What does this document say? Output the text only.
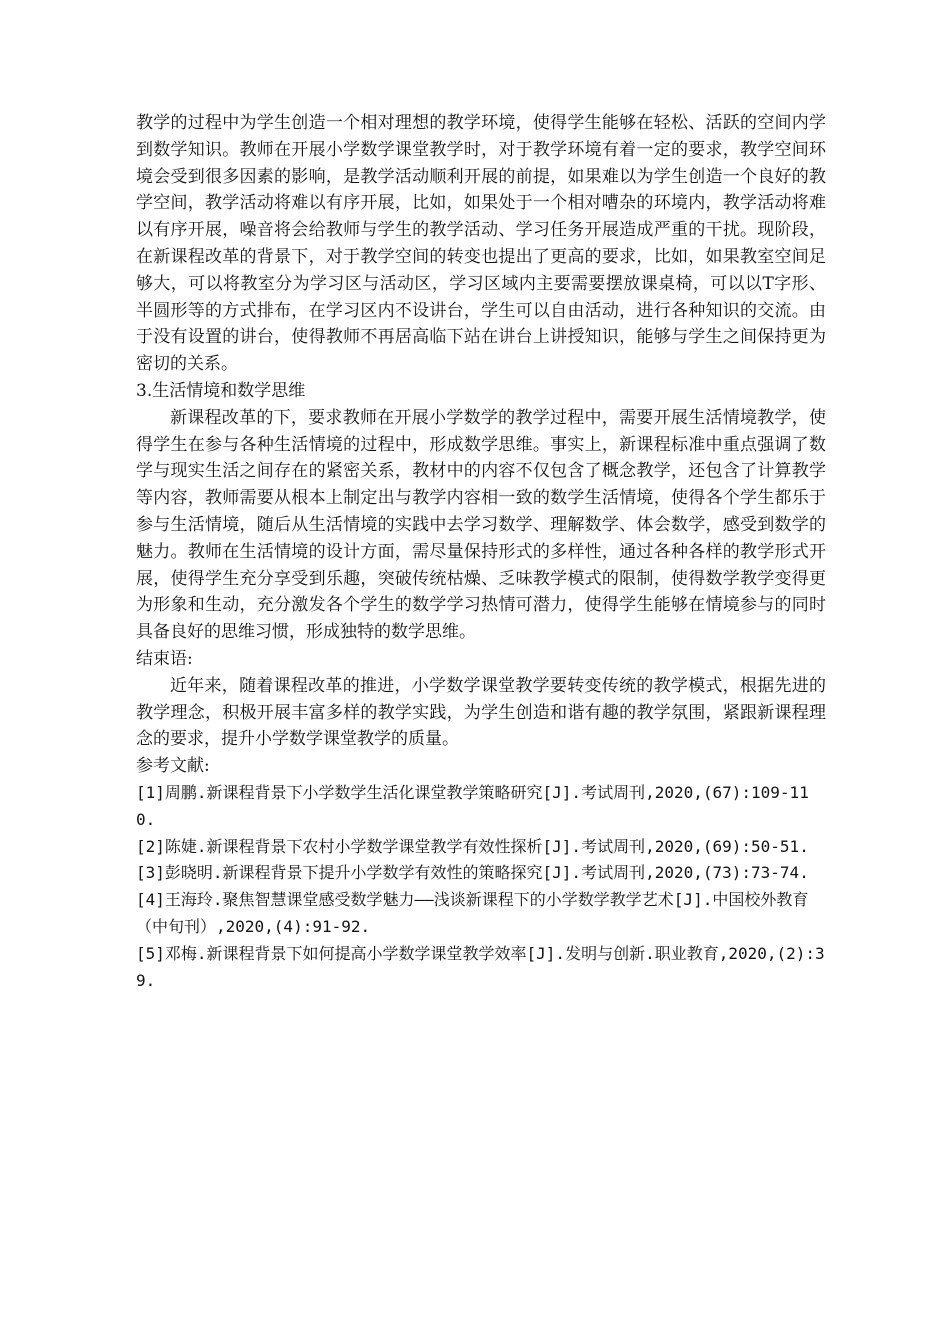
教学的过程中为学生创造一个相对理想的教学环境，使得学生能够在轻松、活跃的空间内学到数学知识。教师在开展小学数学课堂教学时，对于教学环境有着一定的要求，教学空间环境会受到很多因素的影响，是教学活动顺利开展的前提，如果难以为学生创造一个良好的教学空间，教学活动将难以有序开展，比如，如果处于一个相对嘈杂的环境内，教学活动将难以有序开展，噪音将会给教师与学生的教学活动、学习任务开展造成严重的干扰。现阶段，在新课程改革的背景下，对于教学空间的转变也提出了更高的要求，比如，如果教室空间足够大，可以将教室分为学习区与活动区，学习区域内主要需要摆放课桌椅，可以以T字形、半圆形等的方式排布，在学习区内不设讲台，学生可以自由活动，进行各种知识的交流。由于没有设置的讲台，使得教师不再居高临下站在讲台上讲授知识，能够与学生之间保持更为密切的关系。

3.生活情境和数学思维

新课程改革的下，要求教师在开展小学数学的教学过程中，需要开展生活情境教学，使得学生在参与各种生活情境的过程中，形成数学思维。事实上，新课程标准中重点强调了数学与现实生活之间存在的紧密关系，教材中的内容不仅包含了概念教学，还包含了计算教学等内容，教师需要从根本上制定出与教学内容相一致的数学生活情境，使得各个学生都乐于参与生活情境，随后从生活情境的实践中去学习数学、理解数学、体会数学，感受到数学的魅力。教师在生活情境的设计方面，需尽量保持形式的多样性，通过各种各样的教学形式开展，使得学生充分享受到乐趣，突破传统枯燥、乏味教学模式的限制，使得数学教学变得更为形象和生动，充分激发各个学生的数学学习热情可潜力，使得学生能够在情境参与的同时具备良好的思维习惯，形成独特的数学思维。

结束语:

近年来，随着课程改革的推进，小学数学课堂教学要转变传统的教学模式，根据先进的教学理念，积极开展丰富多样的教学实践，为学生创造和谐有趣的教学氛围，紧跟新课程理念的要求，提升小学数学课堂教学的质量。

参考文献:

[1]周鹏.新课程背景下小学数学生活化课堂教学策略研究[J].考试周刊,2020,(67):109-110.
[2]陈婕.新课程背景下农村小学数学课堂教学有效性探析[J].考试周刊,2020,(69):50-51.
[3]彭晓明.新课程背景下提升小学数学有效性的策略探究[J].考试周刊,2020,(73):73-74.
[4]王海玲.聚焦智慧课堂感受数学魅力——浅谈新课程下的小学数学教学艺术[J].中国校外教育（中旬刊）,2020,(4):91-92.
[5]邓梅.新课程背景下如何提高小学数学课堂教学效率[J].发明与创新.职业教育,2020,(2):39.
